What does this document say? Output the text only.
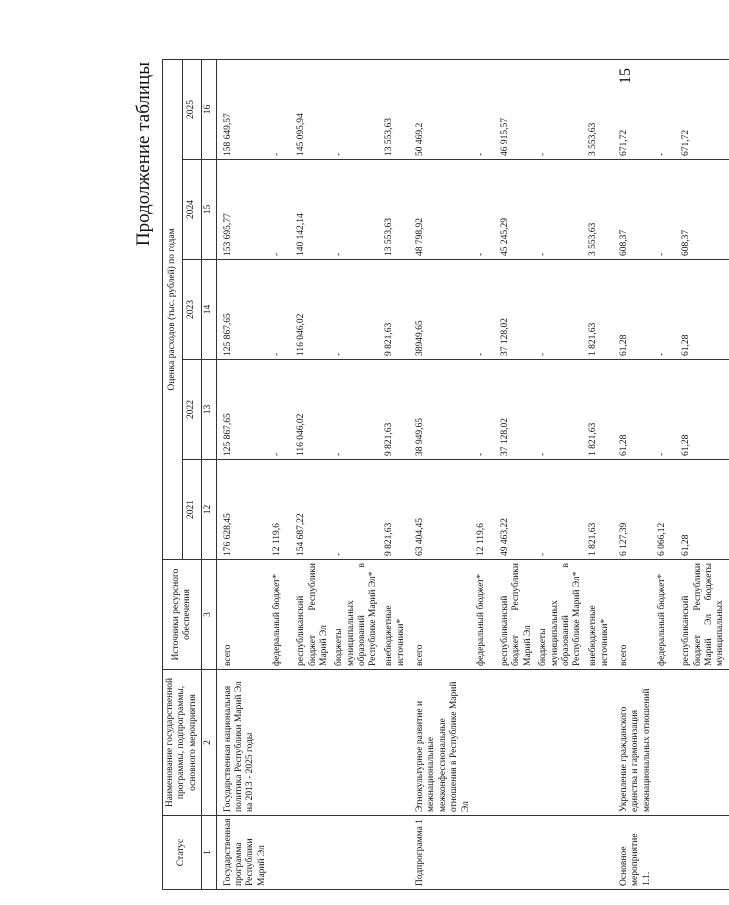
15
Продолжение таблицы
Статус	Наименование государственной программы, подпрограммы, основного мероприятия	Источники ресурсного обеспечения	Оценка расходов (тыс. рублей) по годам				
			2021	2022	2023	2024	2025
1	2	3	12	13	14	15	16
Государственная программа Республики Марий Эл	Государственная национальная политика Республики Марий Эл на 2013 - 2025 годы	всего	176 628,45	125 867,65	125 867,65	153 695,77	158 649,57
		федеральный бюджет*	12 119,6	-	-	-	-
		республиканский бюджет Республики Марий Эл	154 687,22	116 046,02	116 046,02	140 142,14	145 095,94
		бюджеты муниципальных образований в Республике Марий Эл*	-	-	-	-	-
		внебюджетные источники*	9 821,63	9 821,63	9 821,63	13 553,63	13 553,63
Подпрограмма 1	Этнокультурное развитие и межнациональные межконфессиональные отношения в Республике Марий Эл	всего	63 404,45	38 949,65	38949,65	48 798,92	50 469,2
		федеральный бюджет*	12 119,6	-	-	-	-
		республиканский бюджет Республики Марий Эл	49 463,22	37 128,02	37 128,02	45 245,29	46 915,57
		бюджеты муниципальных образований в Республике Марий Эл*	-	-	-	-	-
		внебюджетные источники*	1 821,63	1 821,63	1 821,63	3 553,63	3 553,63
Основное мероприятие 1.1.	Укрепление гражданского единства и гармонизация межнациональных отношений	всего	6 127,39	61,28	61,28	608,37	671,72
		федеральный бюджет*	6 066,12	-	-	-	-
		республиканский бюджет Республики Марий Эл бюджеты муниципальных	61,28	61,28	61,28	608,37	671,72
